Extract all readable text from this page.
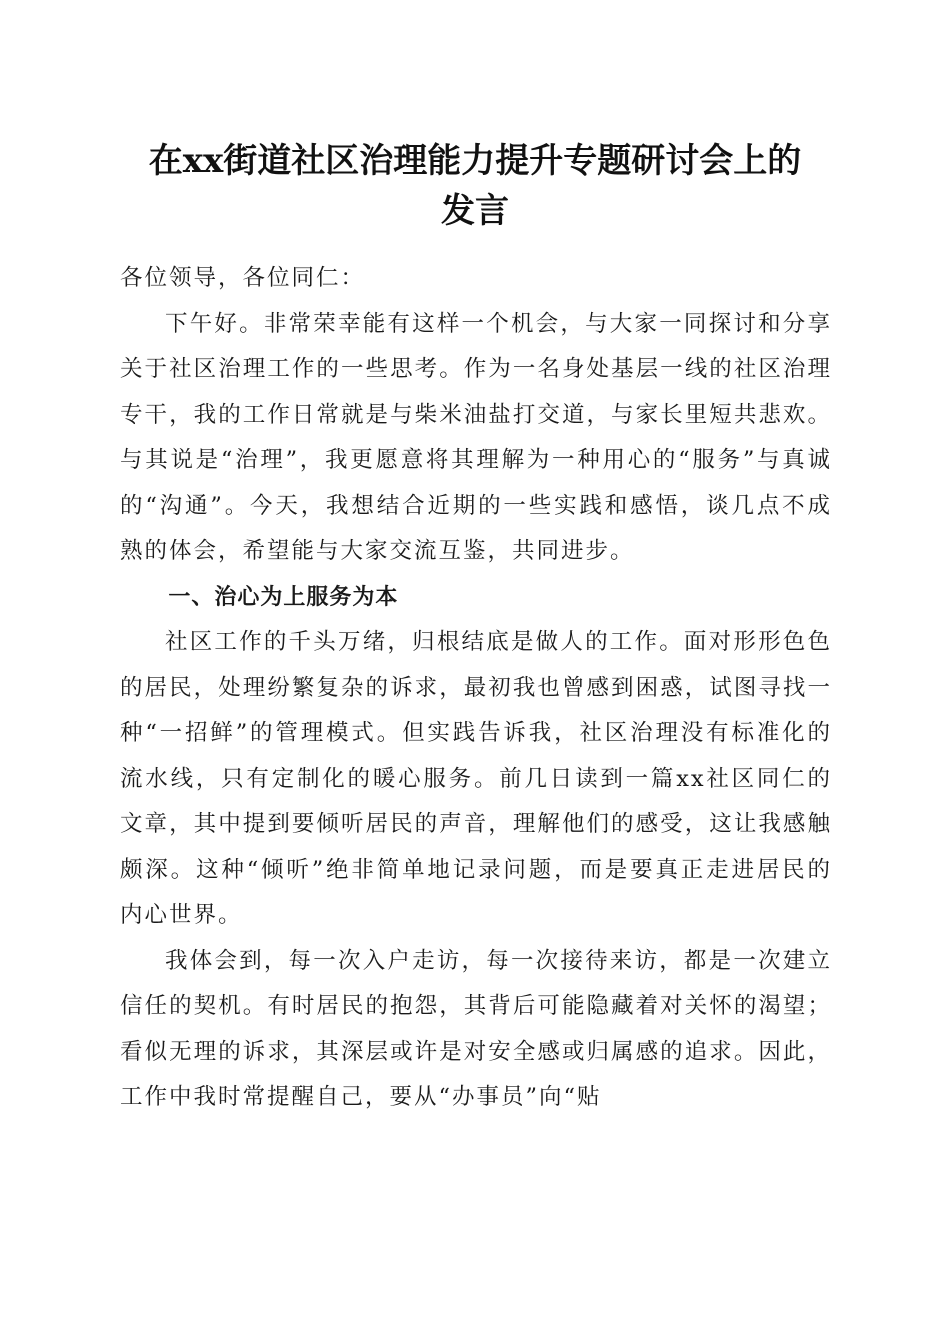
在xx街道社区治理能力提升专题研讨会上的
发言

各位领导，各位同仁：

下午好。非常荣幸能有这样一个机会，与大家一同探讨和分享关于社区治理工作的一些思考。作为一名身处基层一线的社区治理专干，我的工作日常就是与柴米油盐打交道，与家长里短共悲欢。与其说是“治理”，我更愿意将其理解为一种用心的“服务”与真诚的“沟通”。今天，我想结合近期的一些实践和感悟，谈几点不成熟的体会，希望能与大家交流互鉴，共同进步。

一、治心为上服务为本

社区工作的千头万绪，归根结底是做人的工作。面对形形色色的居民，处理纷繁复杂的诉求，最初我也曾感到困惑，试图寻找一种“一招鲜”的管理模式。但实践告诉我，社区治理没有标准化的流水线，只有定制化的暖心服务。前几日读到一篇xx社区同仁的文章，其中提到要倾听居民的声音，理解他们的感受，这让我感触颇深。这种“倾听”绝非简单地记录问题，而是要真正走进居民的内心世界。

我体会到，每一次入户走访，每一次接待来访，都是一次建立信任的契机。有时居民的抱怨，其背后可能隐藏着对关怀的渴望；看似无理的诉求，其深层或许是对安全感或归属感的追求。因此，工作中我时常提醒自己，要从“办事员”向“贴
